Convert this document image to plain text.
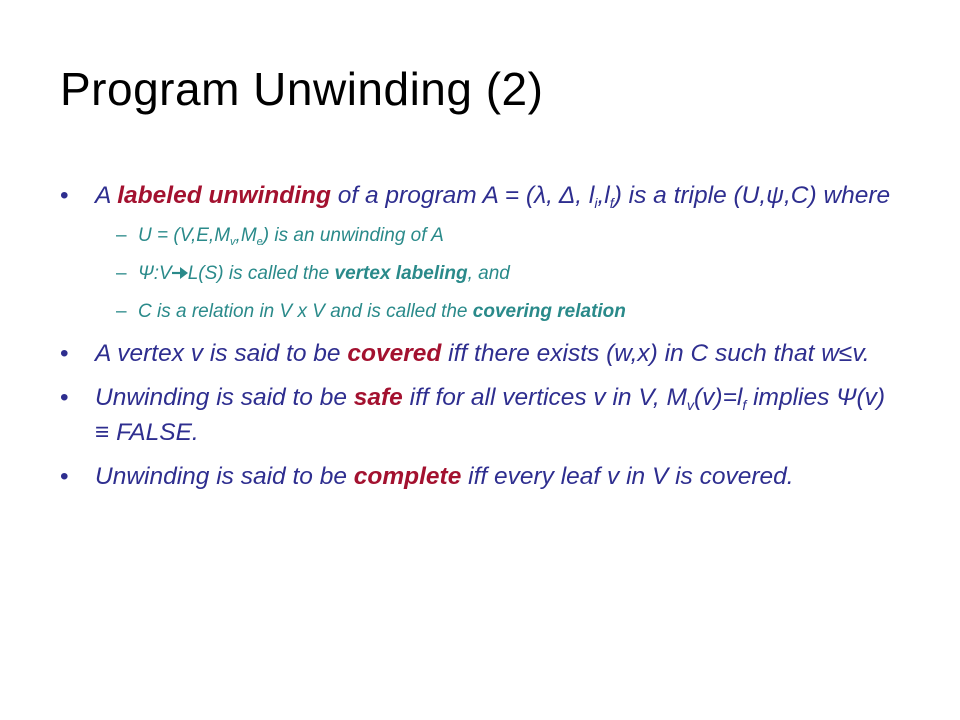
Program Unwinding (2)
• A labeled unwinding of a program A = (λ, Δ, $l_i,l_f$) is a triple (U,ψ,C) where
– $U = (V,E,M_v,M_e)$ is an unwinding of A
– Ψ:V L(S) is called the vertex labeling, and
– C is a relation in V x V and is called the covering relation
• A vertex v is said to be covered iff there exists (w,x) in C such that w≤v.
• Unwinding is said to be safe iff for all vertices v in V, $M_v(v)=l_f$ implies Ψ(v) ≡ FALSE.
• Unwinding is said to be complete iff every leaf v in V is covered.
